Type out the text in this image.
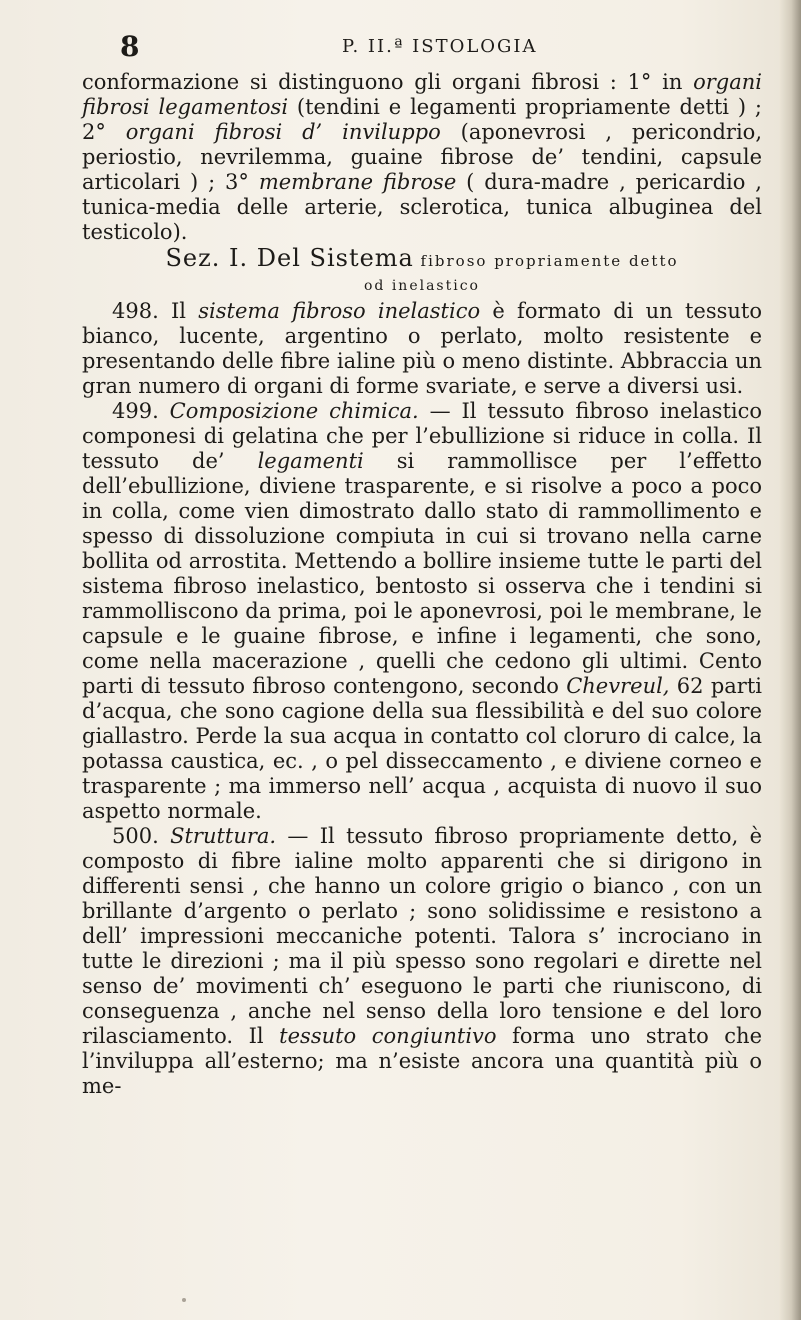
8	P. II.ª ISTOLOGIA

conformazione si distinguono gli organi fibrosi : 1° in organi fibrosi legamentosi (tendini e legamenti propriamente detti ) ; 2° organi fibrosi d’ inviluppo (aponevrosi , pericondrio, periostio, nevrilemma, guaine fibrose de’ tendini, capsule articolari ) ; 3° membrane fibrose ( dura-madre , pericardio , tunica-media delle arterie, sclerotica, tunica albuginea del testicolo).

Sez. I. Del Sistema fibroso propriamente detto

od inelastico

498. Il sistema fibroso inelastico è formato di un tessuto bianco, lucente, argentino o perlato, molto resistente e presentando delle fibre ialine più o meno distinte. Abbraccia un gran numero di organi di forme svariate, e serve a diversi usi.

499. Composizione chimica. — Il tessuto fibroso inelastico componesi di gelatina che per l’ebullizione si riduce in colla. Il tessuto de’ legamenti si rammollisce per l’effetto dell’ebullizione, diviene trasparente, e si risolve a poco a poco in colla, come vien dimostrato dallo stato di rammollimento e spesso di dissoluzione compiuta in cui si trovano nella carne bollita od arrostita. Mettendo a bollire insieme tutte le parti del sistema fibroso inelastico, bentosto si osserva che i tendini si rammolliscono da prima, poi le aponevrosi, poi le membrane, le capsule e le guaine fibrose, e infine i legamenti, che sono, come nella macerazione , quelli che cedono gli ultimi. Cento parti di tessuto fibroso contengono, secondo Chevreul, 62 parti d’acqua, che sono cagione della sua flessibilità e del suo colore giallastro. Perde la sua acqua in contatto col cloruro di calce, la potassa caustica, ec. , o pel disseccamento , e diviene corneo e trasparente ; ma immerso nell’ acqua , acquista di nuovo il suo aspetto normale.

500. Struttura. — Il tessuto fibroso propriamente detto, è composto di fibre ialine molto apparenti che si dirigono in differenti sensi , che hanno un colore grigio o bianco , con un brillante d’argento o perlato ; sono solidissime e resistono a dell’ impressioni meccaniche potenti. Talora s’ incrociano in tutte le direzioni ; ma il più spesso sono regolari e dirette nel senso de’ movimenti ch’ eseguono le parti che riuniscono, di conseguenza , anche nel senso della loro tensione e del loro rilasciamento. Il tessuto congiuntivo forma uno strato che l’inviluppa all’esterno; ma n’esiste ancora una quantità più o me-
